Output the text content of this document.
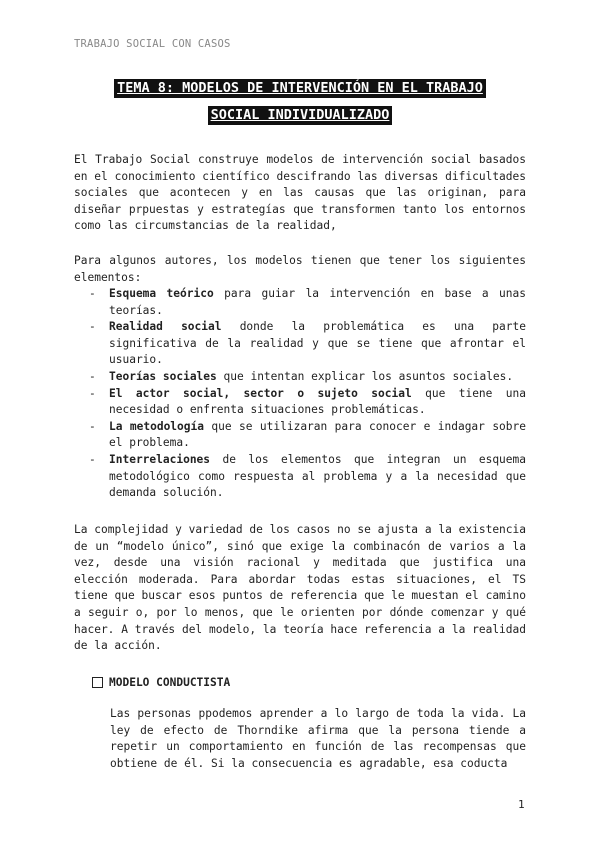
TRABAJO SOCIAL CON CASOS
TEMA 8: MODELOS DE INTERVENCIÓN EN EL TRABAJO
SOCIAL INDIVIDUALIZADO

El Trabajo Social construye modelos de intervención social basados en el conocimiento científico descifrando las diversas dificultades sociales que acontecen y en las causas que las originan, para diseñar prpuestas y estrategías que transformen tanto los entornos como las circumstancias de la realidad,

Para algunos autores, los modelos tienen que tener los siguientes elementos:

- Esquema teórico para guiar la intervención en base a unas teorías.
- Realidad social donde la problemática es una parte significativa de la realidad y que se tiene que afrontar el usuario.
- Teorías sociales que intentan explicar los asuntos sociales.
- El actor social, sector o sujeto social que tiene una necesidad o enfrenta situaciones problemáticas.
- La metodología que se utilizaran para conocer e indagar sobre el problema.
- Interrelaciones de los elementos que integran un esquema metodológico como respuesta al problema y a la necesidad que demanda solución.

La complejidad y variedad de los casos no se ajusta a la existencia de un “modelo único”, sinó que exige la combinacón de varios a la vez, desde una visión racional y meditada que justifica una elección moderada. Para abordar todas estas situaciones, el TS tiene que buscar esos puntos de referencia que le muestan el camino a seguir o, por lo menos, que le orienten por dónde comenzar y qué hacer. A través del modelo, la teoría hace referencia a la realidad de la acción.

MODELO CONDUCTISTA

Las personas ppodemos aprender a lo largo de toda la vida. La ley de efecto de Thorndike afirma que la persona tiende a repetir un comportamiento en función de las recompensas que obtiene de él. Si la consecuencia es agradable, esa coducta

1
